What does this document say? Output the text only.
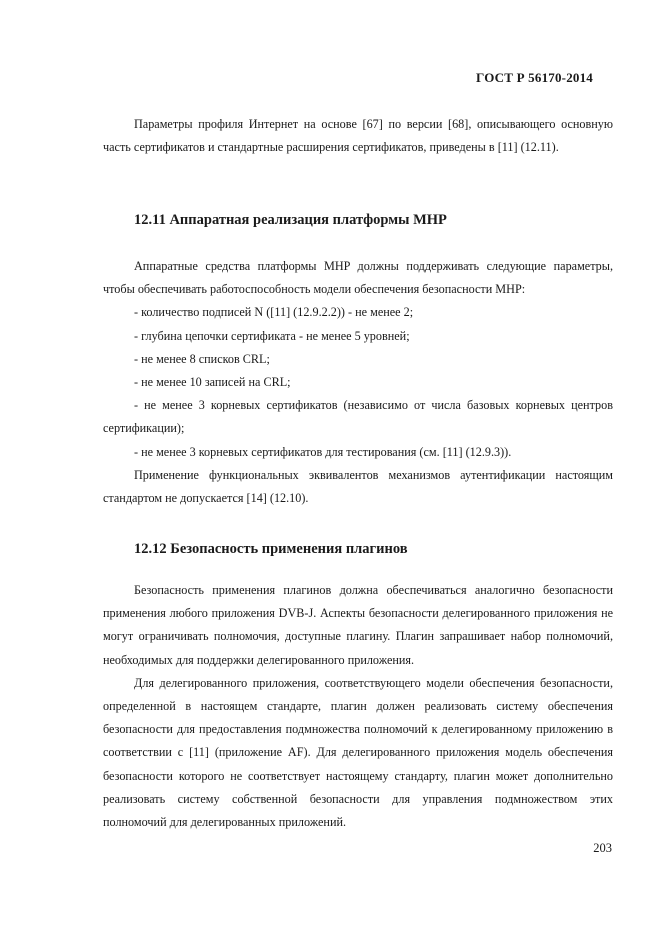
ГОСТ Р 56170-2014

Параметры профиля Интернет на основе [67] по версии [68], описывающего основную часть сертификатов и стандартные расширения сертификатов, приведены в [11] (12.11).

12.11 Аппаратная реализация платформы MHP

Аппаратные средства платформы MHP должны поддерживать следующие параметры, чтобы обеспечивать работоспособность модели обеспечения безопасности MHP:

- количество подписей N ([11] (12.9.2.2)) - не менее 2;

- глубина цепочки сертификата - не менее 5 уровней;

- не менее 8 списков CRL;

- не менее 10 записей на CRL;

- не менее 3 корневых сертификатов (независимо от числа базовых корневых центров сертификации);

- не менее 3 корневых сертификатов для тестирования (см. [11] (12.9.3)).

Применение функциональных эквивалентов механизмов аутентификации настоящим стандартом не допускается [14] (12.10).

12.12 Безопасность применения плагинов

Безопасность применения плагинов должна обеспечиваться аналогично безопасности применения любого приложения DVB-J. Аспекты безопасности делегированного приложения не могут ограничивать полномочия, доступные плагину. Плагин запрашивает набор полномочий, необходимых для поддержки делегированного приложения.

Для делегированного приложения, соответствующего модели обеспечения безопасности, определенной в настоящем стандарте, плагин должен реализовать систему обеспечения безопасности для предоставления подмножества полномочий к делегированному приложению в соответствии с [11] (приложение AF). Для делегированного приложения модель обеспечения безопасности которого не соответствует настоящему стандарту, плагин может дополнительно реализовать систему собственной безопасности для управления подмножеством этих полномочий для делегированных приложений.

203
